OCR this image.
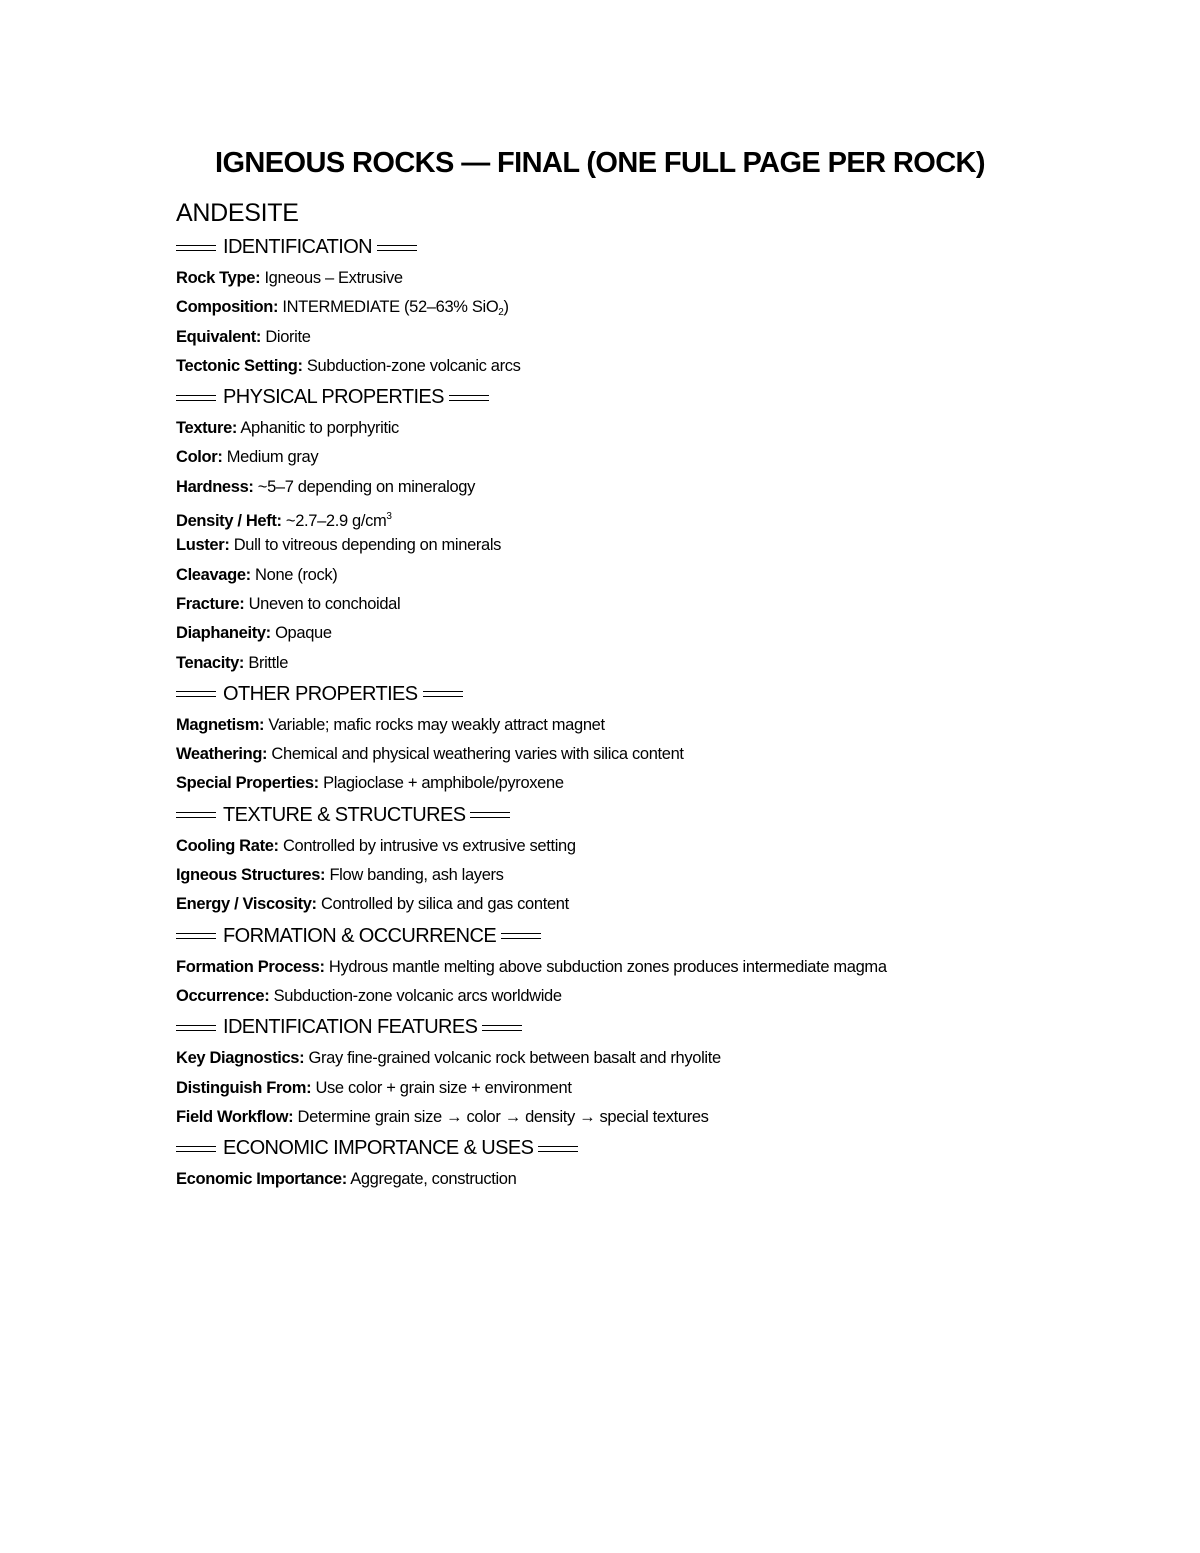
IGNEOUS ROCKS — FINAL (ONE FULL PAGE PER ROCK)
ANDESITE
IDENTIFICATION
Rock Type: Igneous – Extrusive
Composition: INTERMEDIATE (52–63% SiO$_2$)
Equivalent: Diorite
Tectonic Setting: Subduction-zone volcanic arcs
PHYSICAL PROPERTIES
Texture: Aphanitic to porphyritic
Color: Medium gray
Hardness: ~5–7 depending on mineralogy
Density / Heft: ~2.7–2.9 $g/cm^3$
Luster: Dull to vitreous depending on minerals
Cleavage: None (rock)
Fracture: Uneven to conchoidal
Diaphaneity: Opaque
Tenacity: Brittle
OTHER PROPERTIES
Magnetism: Variable; mafic rocks may weakly attract magnet
Weathering: Chemical and physical weathering varies with silica content
Special Properties: Plagioclase + amphibole/pyroxene
TEXTURE & STRUCTURES
Cooling Rate: Controlled by intrusive vs extrusive setting
Igneous Structures: Flow banding, ash layers
Energy / Viscosity: Controlled by silica and gas content
FORMATION & OCCURRENCE
Formation Process: Hydrous mantle melting above subduction zones produces intermediate magma
Occurrence: Subduction-zone volcanic arcs worldwide
IDENTIFICATION FEATURES
Key Diagnostics: Gray fine-grained volcanic rock between basalt and rhyolite
Distinguish From: Use color + grain size + environment
Field Workflow: Determine grain size → color → density → special textures
ECONOMIC IMPORTANCE & USES
Economic Importance: Aggregate, construction
